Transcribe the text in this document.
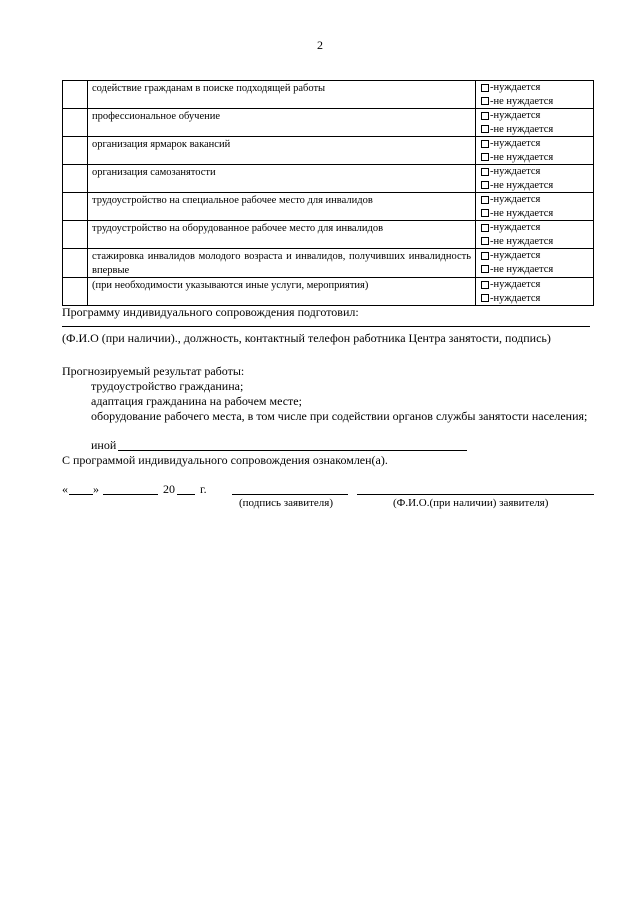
2
	содействие гражданам в поиске подходящей работы	-нуждается
-не нуждается

	профессиональное обучение	-нуждается
-не нуждается

	организация ярмарок вакансий	-нуждается
-не нуждается

	организация самозанятости	-нуждается
-не нуждается

	трудоустройство на специальное рабочее место для инвалидов	-нуждается
-не нуждается

	трудоустройство на оборудованное рабочее место для инвалидов	-нуждается
-не нуждается

	стажировка инвалидов молодого возраста и инвалидов, получивших инвалидность впервые	-нуждается
-не нуждается

	(при необходимости указываются иные услуги, мероприятия)	-нуждается
-нуждается
Программу индивидуального сопровождения подготовил:
(Ф.И.О (при наличии)., должность, контактный телефон работника Центра занятости, подпись)
Прогнозируемый результат работы:
трудоустройство гражданина;
адаптация гражданина на рабочем месте;
оборудование рабочего места, в том числе при содействии органов службы занятости населения;
иной
С программой индивидуального сопровождения ознакомлен(а).
« »	20 г.
(подпись заявителя)	(Ф.И.О.(при наличии) заявителя)
